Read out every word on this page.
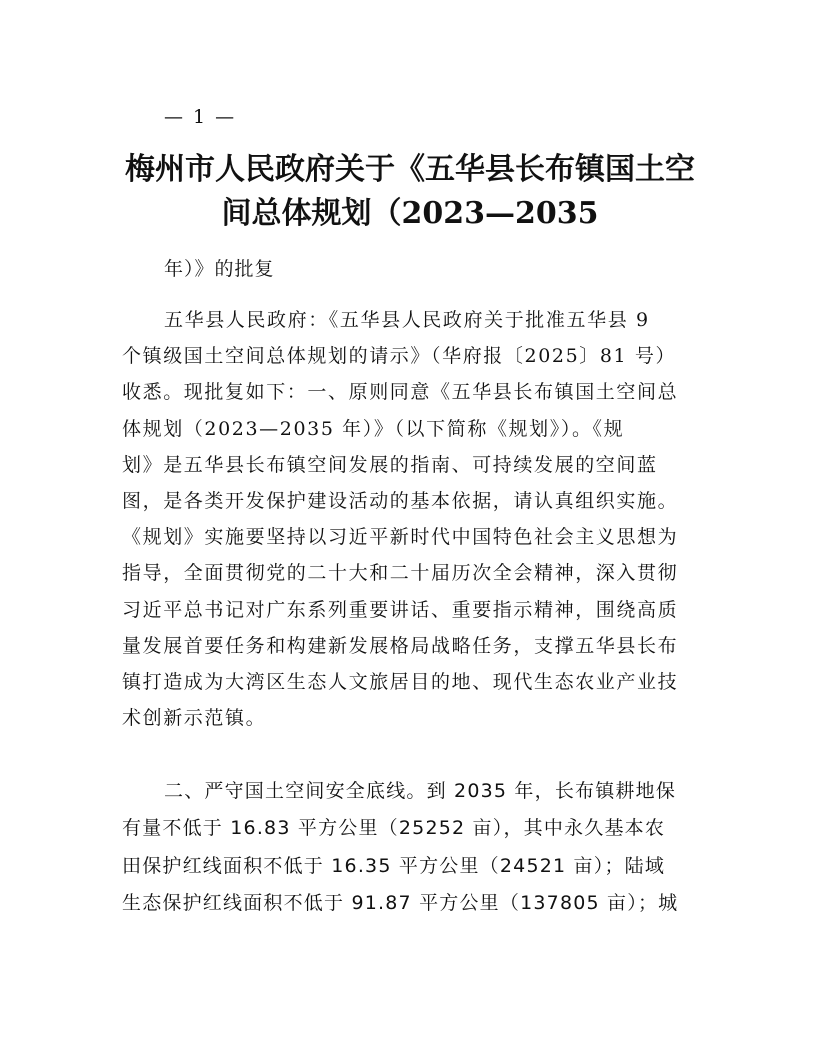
— 1 —
梅州市人民政府关于《五华县长布镇国土空
间总体规划（2023—2035
年）》的批复
五华县人民政府：《五华县人民政府关于批准五华县 9
个镇级国土空间总体规划的请示》（华府报〔2025〕81 号）
收悉。现批复如下：一、原则同意《五华县长布镇国土空间总
体规划（2023—2035 年）》（以下简称《规划》）。《规
划》是五华县长布镇空间发展的指南、可持续发展的空间蓝
图，是各类开发保护建设活动的基本依据，请认真组织实施。
《规划》实施要坚持以习近平新时代中国特色社会主义思想为
指导，全面贯彻党的二十大和二十届历次全会精神，深入贯彻
习近平总书记对广东系列重要讲话、重要指示精神，围绕高质
量发展首要任务和构建新发展格局战略任务，支撑五华县长布
镇打造成为大湾区生态人文旅居目的地、现代生态农业产业技
术创新示范镇。
二、严守国土空间安全底线。到 2035 年，长布镇耕地保
有量不低于 16.83 平方公里（25252 亩），其中永久基本农
田保护红线面积不低于 16.35 平方公里（24521 亩）；陆域
生态保护红线面积不低于 91.87 平方公里（137805 亩）；城
